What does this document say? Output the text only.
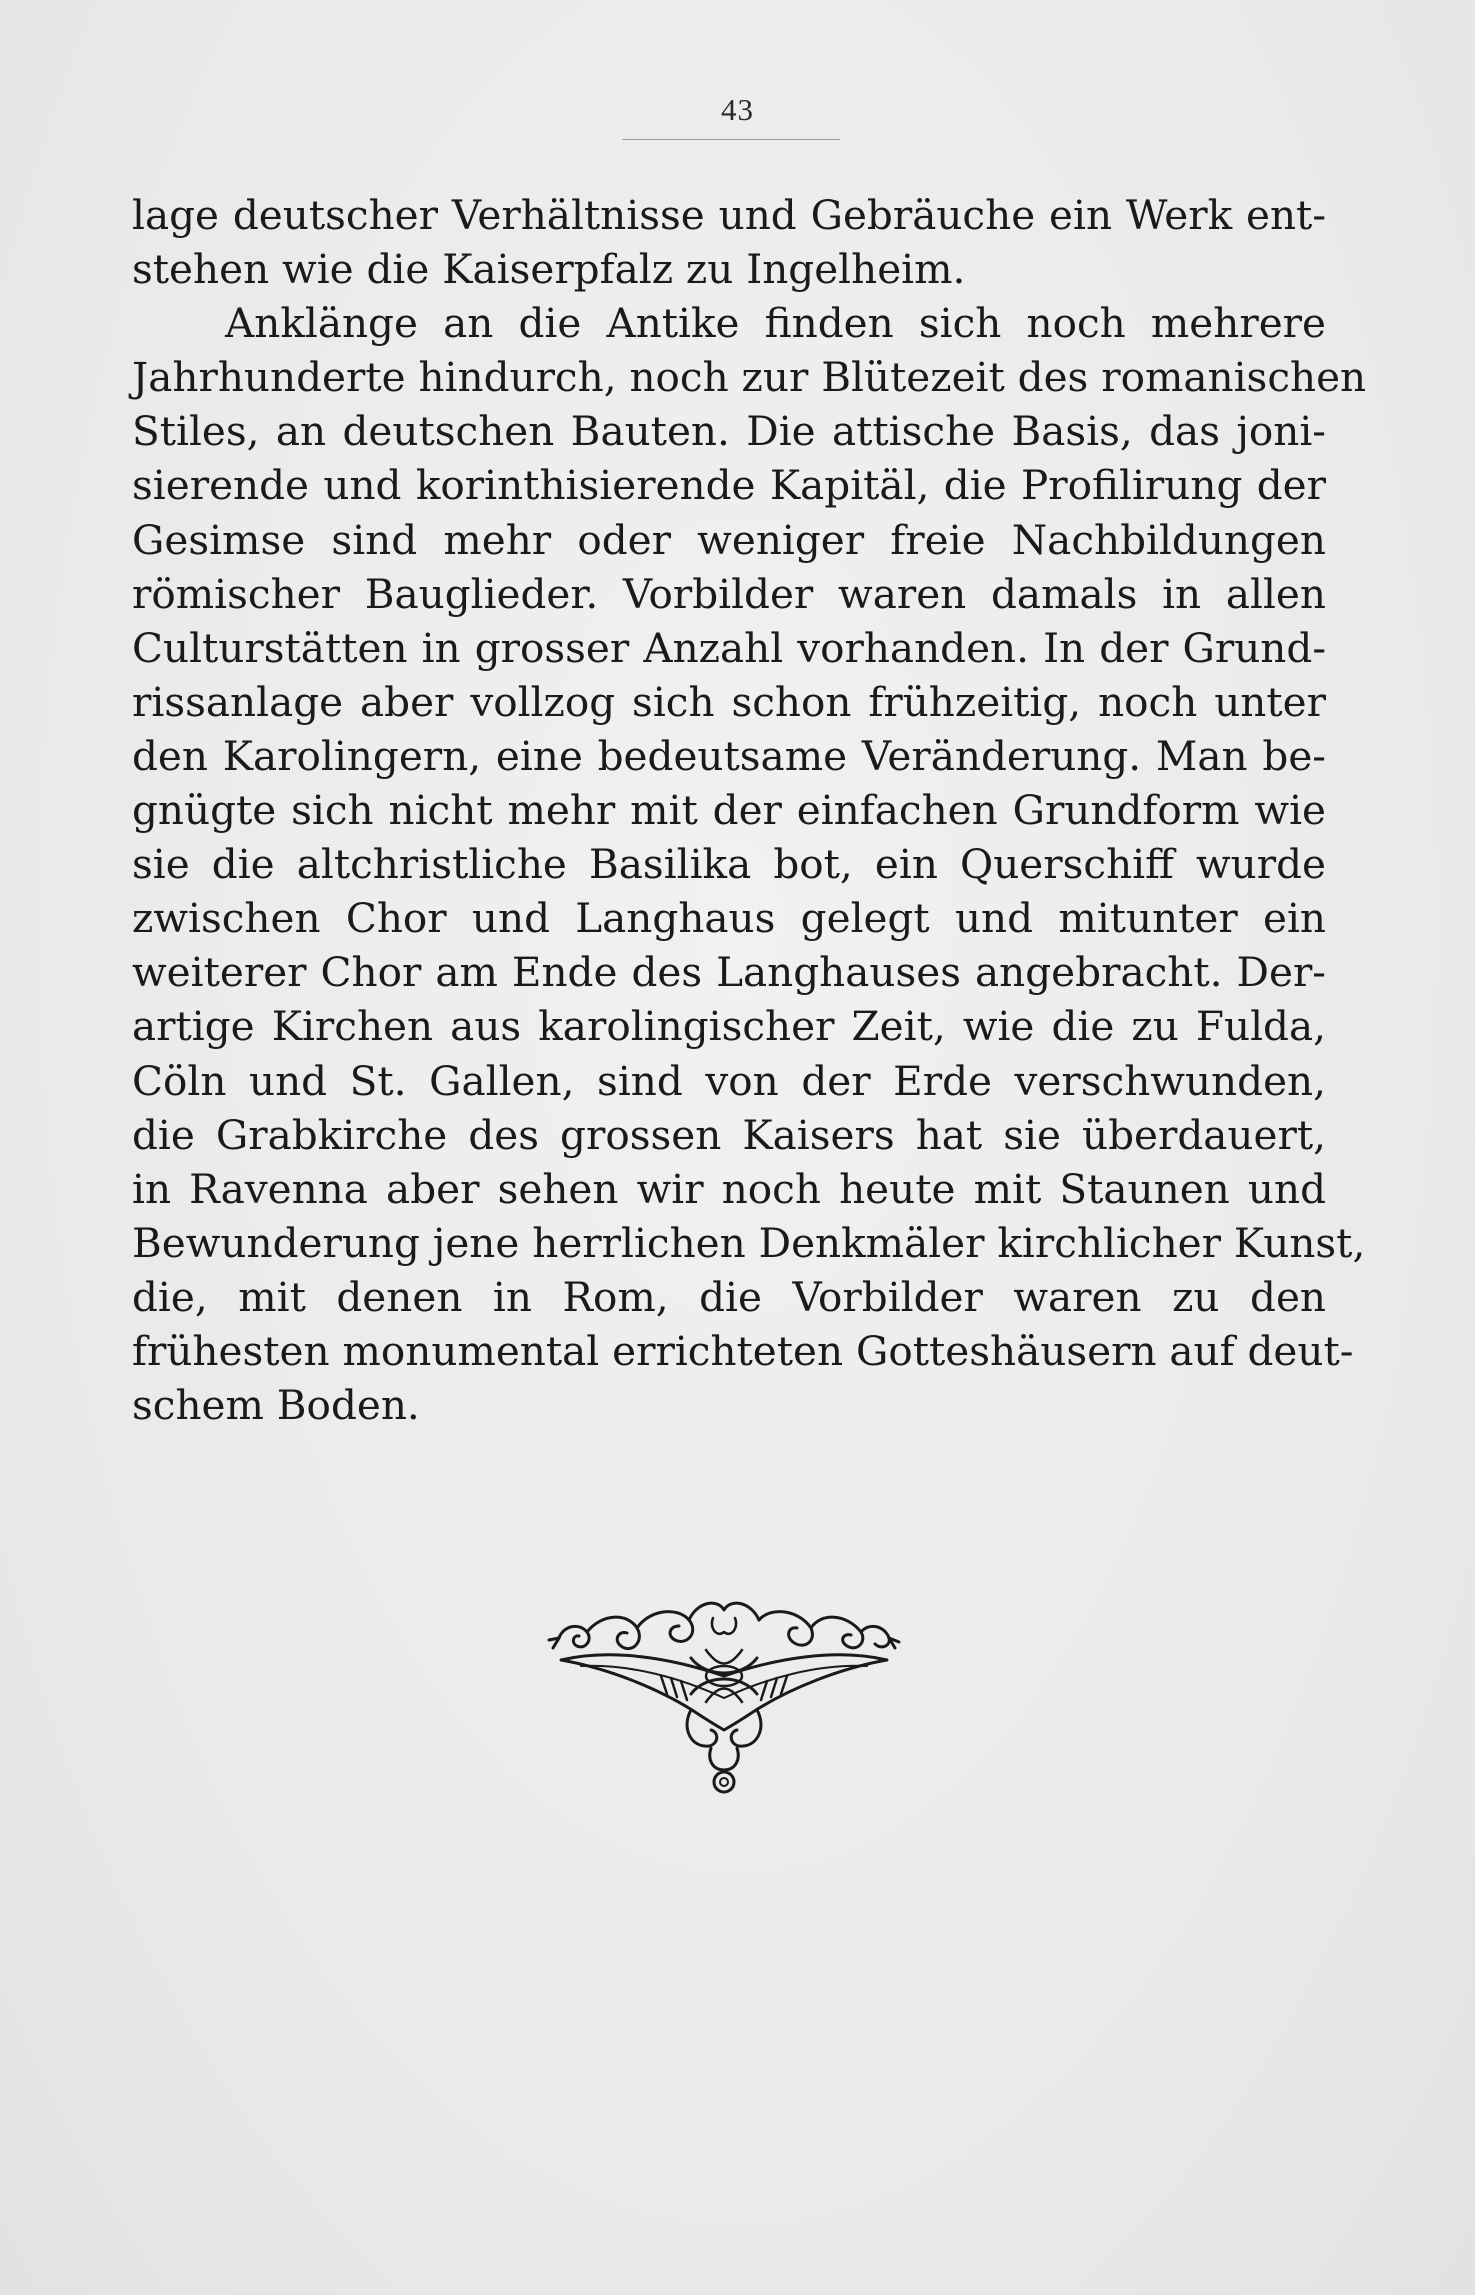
43
lage deutscher Verhältnisse und Gebräuche ein Werk ent-
stehen wie die Kaiserpfalz zu Ingelheim.
Anklänge an die Antike finden sich noch mehrere
Jahrhunderte hindurch, noch zur Blütezeit des romanischen
Stiles, an deutschen Bauten. Die attische Basis, das joni-
sierende und korinthisierende Kapitäl, die Profilirung der
Gesimse sind mehr oder weniger freie Nachbildungen
römischer Bauglieder. Vorbilder waren damals in allen
Culturstätten in grosser Anzahl vorhanden. In der Grund-
rissanlage aber vollzog sich schon frühzeitig, noch unter
den Karolingern, eine bedeutsame Veränderung. Man be-
gnügte sich nicht mehr mit der einfachen Grundform wie
sie die altchristliche Basilika bot, ein Querschiff wurde
zwischen Chor und Langhaus gelegt und mitunter ein
weiterer Chor am Ende des Langhauses angebracht. Der-
artige Kirchen aus karolingischer Zeit, wie die zu Fulda,
Cöln und St. Gallen, sind von der Erde verschwunden,
die Grabkirche des grossen Kaisers hat sie überdauert,
in Ravenna aber sehen wir noch heute mit Staunen und
Bewunderung jene herrlichen Denkmäler kirchlicher Kunst,
die, mit denen in Rom, die Vorbilder waren zu den
frühesten monumental errichteten Gotteshäusern auf deut-
schem Boden.
